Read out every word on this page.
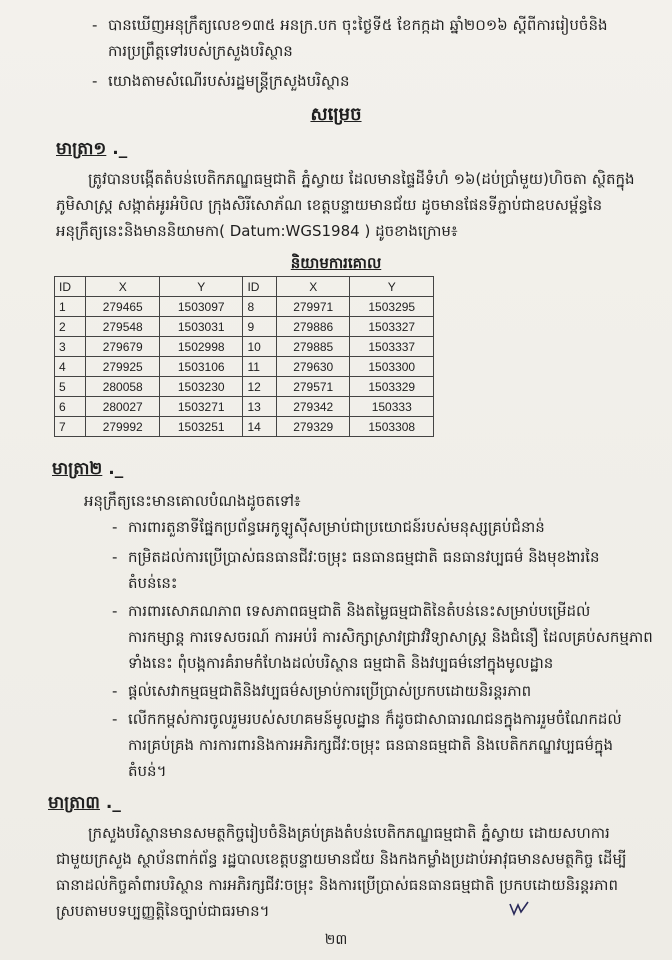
- បានឃើញអនុក្រឹត្យលេខ១៣៥ អនក្រ.បក ចុះថ្ងៃទី៥ ខែកក្កដា ឆ្នាំ២០១៦ ស្តីពីការរៀបចំនិង
ការប្រព្រឹត្តទៅរបស់ក្រសួងបរិស្ថាន
- យោងតាមសំណើរបស់រដ្ឋមន្ត្រីក្រសួងបរិស្ថាន
សម្រេច
មាត្រា១ ._
ត្រូវបានបង្កើតតំបន់បេតិកភណ្ឌធម្មជាតិ ភ្នំស្វាយ ដែលមានផ្ទៃដីទំហំ ១៦(ដប់ប្រាំមួយ)ហិចតា ស្ថិតក្នុង
ភូមិសាស្ត្រ សង្កាត់អូរអំបិល ក្រុងសិរីសោភ័ណ ខេត្តបន្ទាយមានជ័យ ដូចមានផែនទីភ្ជាប់ជាឧបសម្ព័ន្ធនៃ
អនុក្រឹត្យនេះនិងមាននិយាមកា( Datum:WGS1984 ) ដូចខាងក្រោម៖
និយាមការគោល
ID	X	Y	ID	X	Y
1	279465	1503097	8	279971	1503295
2	279548	1503031	9	279886	1503327
3	279679	1502998	10	279885	1503337
4	279925	1503106	11	279630	1503300
5	280058	1503230	12	279571	1503329
6	280027	1503271	13	279342	150333
7	279992	1503251	14	279329	1503308
មាត្រា២ ._
អនុក្រឹត្យនេះមានគោលបំណងដូចតទៅ៖
- ការពារតួនាទីផ្នែកប្រព័ន្ធអេកូឡូស៊ីសម្រាប់ជាប្រយោជន៍របស់មនុស្សគ្រប់ជំនាន់
- កម្រិតដល់ការប្រើប្រាស់ធនធានជីវៈចម្រុះ ធនធានធម្មជាតិ ធនធានវប្បធម៌ និងមុខងារនៃ
តំបន់នេះ
- ការពារសោភណភាព ទេសភាពធម្មជាតិ និងតម្លៃធម្មជាតិនៃតំបន់នេះសម្រាប់បម្រើដល់
ការកម្សាន្ត ការទេសចរណ៍ ការអប់រំ ការសិក្សាស្រាវជ្រាវវិទ្យាសាស្ត្រ និងជំនឿ ដែលគ្រប់សកម្មភាព
ទាំងនេះ ពុំបង្កការគំរាមកំហែងដល់បរិស្ថាន ធម្មជាតិ និងវប្បធម៌នៅក្នុងមូលដ្ឋាន
- ផ្តល់សេវាកម្មធម្មជាតិនិងវប្បធម៌សម្រាប់ការប្រើប្រាស់ប្រកបដោយនិរន្តរភាព
- លើកកម្ពស់ការចូលរួមរបស់សហគមន៍មូលដ្ឋាន ក៏ដូចជាសាធារណជនក្នុងការរួមចំណែកដល់
ការគ្រប់គ្រង ការការពារនិងការអភិរក្សជីវៈចម្រុះ ធនធានធម្មជាតិ និងបេតិកភណ្ឌវប្បធម៌ក្នុង
តំបន់។
មាត្រា៣ ._
ក្រសួងបរិស្ថានមានសមត្ថកិច្ចរៀបចំនិងគ្រប់គ្រងតំបន់បេតិកភណ្ឌធម្មជាតិ ភ្នំស្វាយ ដោយសហការ
ជាមួយក្រសួង ស្ថាប័នពាក់ព័ន្ធ រដ្ឋបាលខេត្តបន្ទាយមានជ័យ និងកងកម្លាំងប្រដាប់អាវុធមានសមត្ថកិច្ច ដើម្បី
ធានាដល់កិច្ចគាំពារបរិស្ថាន ការអភិរក្សជីវៈចម្រុះ និងការប្រើប្រាស់ធនធានធម្មជាតិ ប្រកបដោយនិរន្តរភាព
ស្របតាមបទប្បញ្ញត្តិនៃច្បាប់ជាធរមាន។
២៣
